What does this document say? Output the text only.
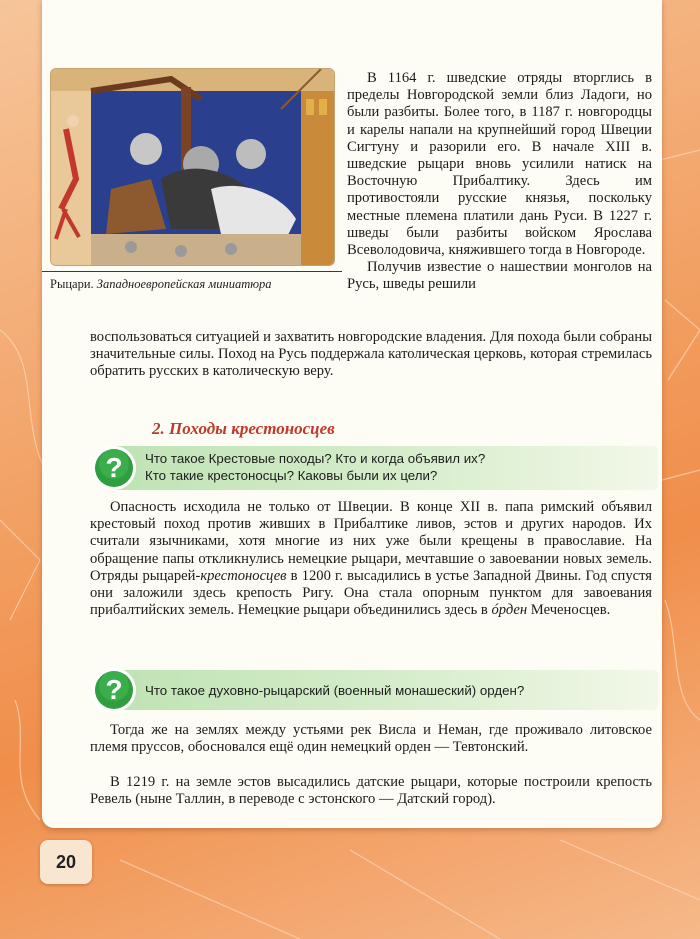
Рыцари. Западноевропейская миниатюра

В 1164 г. шведские отряды вторглись в пределы Новгородской земли близ Ладоги, но были разбиты. Более того, в 1187 г. новгородцы и карелы напали на крупнейший город Швеции Сигтуну и разорили его. В начале XIII в. шведские рыцари вновь усилили натиск на Восточную Прибалтику. Здесь им противостояли русские князья, поскольку местные племена платили дань Руси. В 1227 г. шведы были разбиты войском Ярослава Всеволодовича, княжившего тогда в Новгороде.

Получив известие о нашествии монголов на Русь, шведы решили

воспользоваться ситуацией и захватить новгородские владения. Для похода были собраны значительные силы. Поход на Русь поддержала католическая церковь, которая стремилась обратить русских в католическую веру.

2. Походы крестоносцев
? Что такое Крестовые походы? Кто и когда объявил их?
Кто такие крестоносцы? Каковы были их цели?

Опасность исходила не только от Швеции. В конце XII в. папа римский объявил крестовый поход против живших в Прибалтике ливов, эстов и других народов. Их считали язычниками, хотя многие из них уже были крещены в православие. На обращение папы откликнулись немецкие рыцари, мечтавшие о завоевании новых земель. Отряды рыцарей-крестоносцев в 1200 г. высадились в устье Западной Двины. Год спустя они заложили здесь крепость Ригу. Она стала опорным пунктом для завоевания прибалтийских земель. Немецкие рыцари объединились здесь в óрден Меченосцев.

? Что такое духовно-рыцарский (военный монашеский) орден?

Тогда же на землях между устьями рек Висла и Неман, где проживало литовское племя пруссов, обосновался ещё один немецкий орден — Тевтонский.

В 1219 г. на земле эстов высадились датские рыцари, которые построили крепость Ревель (ныне Таллин, в переводе с эстонского — Датский город).

20
